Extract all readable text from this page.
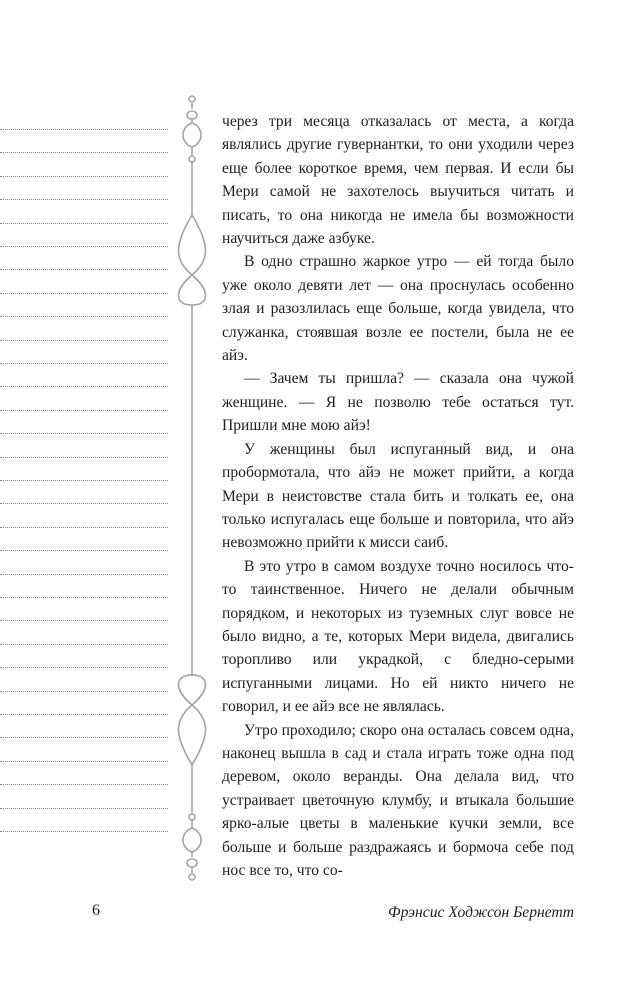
через три месяца отказалась от места, а когда являлись другие гувернантки, то они уходили через еще более короткое время, чем первая. И если бы Мери самой не захотелось выучиться читать и писать, то она никогда не имела бы возможности научиться даже азбуке.

В одно страшно жаркое утро — ей тогда было уже около девяти лет — она проснулась особенно злая и разозлилась еще больше, когда увидела, что служанка, стоявшая возле ее постели, была не ее айэ.

— Зачем ты пришла? — сказала она чужой женщине. — Я не позволю тебе остаться тут. Пришли мне мою айэ!

У женщины был испуганный вид, и она пробормотала, что айэ не может прийти, а когда Мери в неистовстве стала бить и толкать ее, она только испугалась еще больше и повторила, что айэ невозможно прийти к мисси саиб.

В это утро в самом воздухе точно носилось что-то таинственное. Ничего не делали обычным порядком, и некоторых из туземных слуг вовсе не было видно, а те, которых Мери видела, двигались торопливо или украдкой, с бледно-серыми испуганными лицами. Но ей никто ничего не говорил, и ее айэ все не являлась.

Утро проходило; скоро она осталась совсем одна, наконец вышла в сад и стала играть тоже одна под деревом, около веранды. Она делала вид, что устраивает цветочную клумбу, и втыкала большие ярко-алые цветы в маленькие кучки земли, все больше и больше раздражаясь и бормоча себе под нос все то, что со-

6	Фрэнсис Ходжсон Бернетт
